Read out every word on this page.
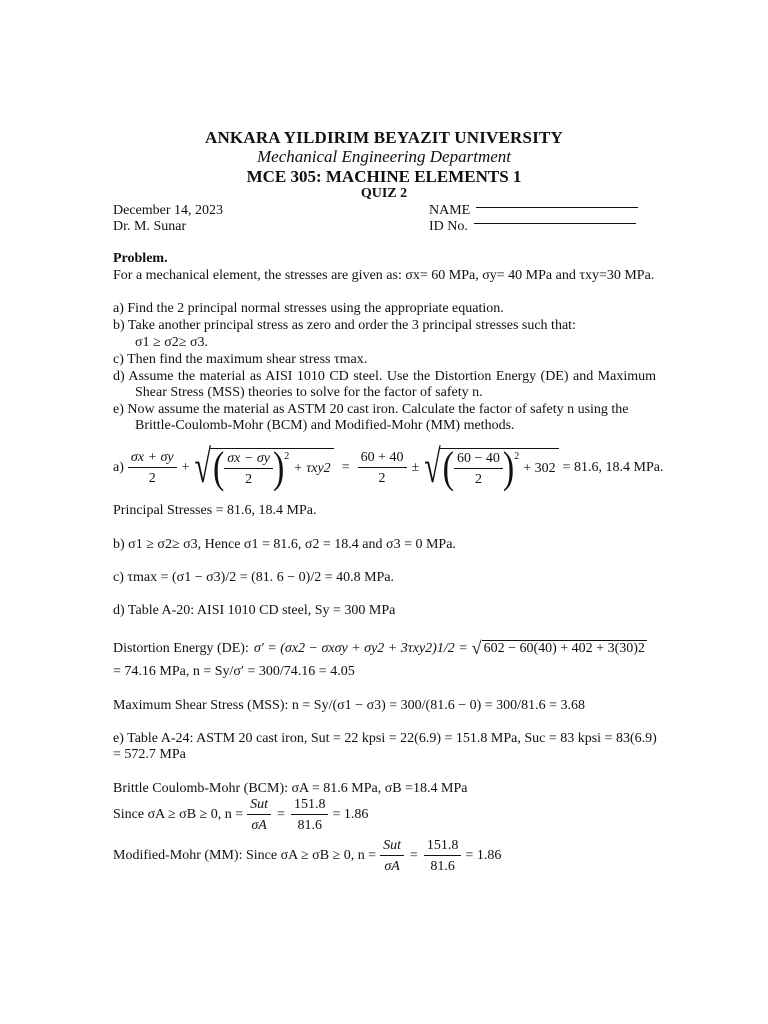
ANKARA YILDIRIM BEYAZIT UNIVERSITY
Mechanical Engineering Department
MCE 305: MACHINE ELEMENTS 1
QUIZ 2
December 14, 2023
Dr. M. Sunar
NAME
ID No.
Problem.
For a mechanical element, the stresses are given as: σx= 60 MPa, σy= 40 MPa and τxy=30 MPa.
a) Find the 2 principal normal stresses using the appropriate equation.
b) Take another principal stress as zero and order the 3 principal stresses such that:
σ1 ≥ σ2≥ σ3.
c) Then find the maximum shear stress τmax.
d) Assume the material as AISI 1010 CD steel. Use the Distortion Energy (DE) and Maximum Shear Stress (MSS) theories to solve for the factor of safety n.
e) Now assume the material as ASTM 20 cast iron. Calculate the factor of safety n using the Brittle-Coulomb-Mohr (BCM) and Modified-Mohr (MM) methods.
$a) \frac{\sigma x + \sigma y}{2}$ + √ ( $\frac{\sigma x - \sigma y}{2}$ ) 2
+ $\tau xy2 = \frac{60 + 40}{2}$ ± √ ( $\frac{60 - 40}{2}$ ) 2
+ 302 = 81.6, 18.4 MPa.
Principal Stresses = 81.6, 18.4 MPa.
b) σ1 ≥ σ2≥ σ3, Hence σ1 = 81.6, σ2 = 18.4 and σ3 = 0 MPa.
c) τmax = (σ1 − σ3)/2 = (81. 6 − 0)/2 = 40.8 MPa.
d) Table A-20: AISI 1010 CD steel, Sy = 300 MPa
Distortion Energy (DE): σ′ = (σx2 − σxσy + σy2 + 3τxy2)1/2 = √ 602 − 60(40) + 402 + 3(30)2
= 74.16 MPa, n = Sy/σ′ = 300/74.16 = 4.05
Maximum Shear Stress (MSS): n = Sy/(σ1 − σ3) = 300/(81.6 − 0) = 300/81.6 = 3.68
e) Table A-24: ASTM 20 cast iron, Sut = 22 kpsi = 22(6.9) = 151.8 MPa, Suc = 83 kpsi = 83(6.9) = 572.7 MPa
Brittle Coulomb-Mohr (BCM): σA = 81.6 MPa, σB =18.4 MPa
Since σA ≥ σB ≥ 0, $n = \frac{\text{Sut}}{\sigma A} = \frac{151.8}{81.6} = 1.86$
Modified-Mohr (MM): Since σA ≥ σB ≥ 0, $n = \frac{\text{Sut}}{\sigma A} = \frac{151.8}{81.6} = 1.86$
